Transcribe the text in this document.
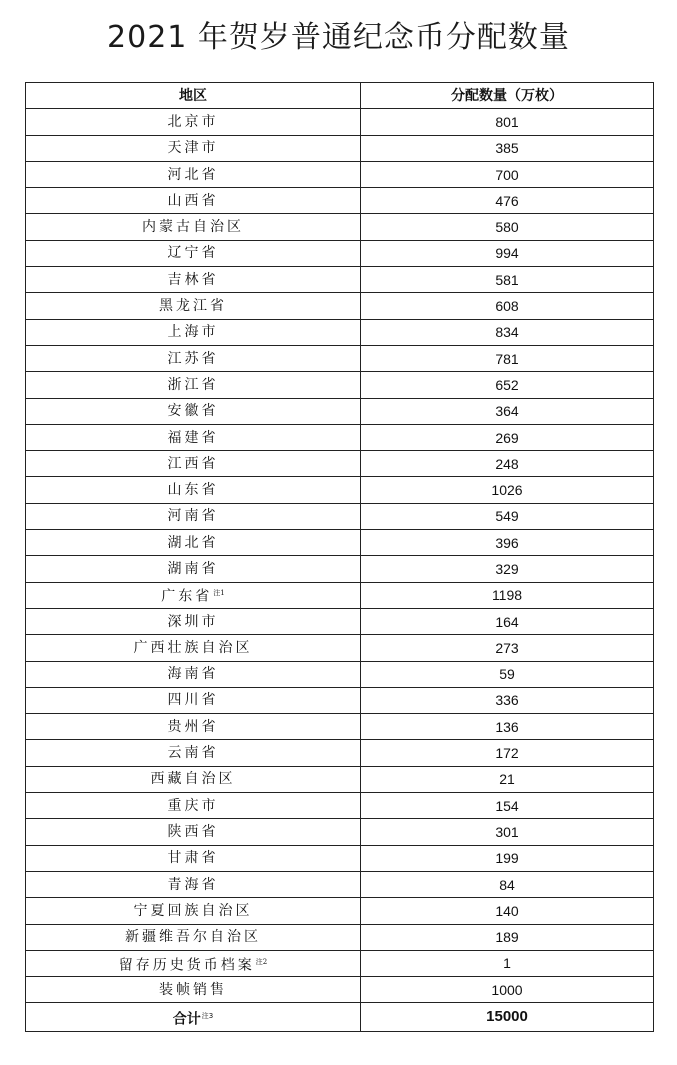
2021 年贺岁普通纪念币分配数量
地区	分配数量（万枚）
北京市	801
天津市	385
河北省	700
山西省	476
内蒙古自治区	580
辽宁省	994
吉林省	581
黑龙江省	608
上海市	834
江苏省	781
浙江省	652
安徽省	364
福建省	269
江西省	248
山东省	1026
河南省	549
湖北省	396
湖南省	329
广东省$^{注1}$	1198
深圳市	164
广西壮族自治区	273
海南省	59
四川省	336
贵州省	136
云南省	172
西藏自治区	21
重庆市	154
陕西省	301
甘肃省	199
青海省	84
宁夏回族自治区	140
新疆维吾尔自治区	189
留存历史货币档案$^{注2}$	1
装帧销售	1000
合计$^{注3}$	15000
